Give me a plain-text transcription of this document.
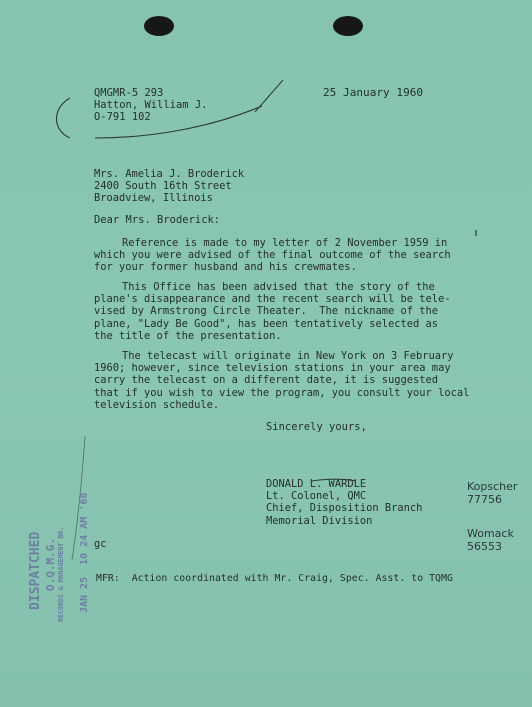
QMGMR-5 293
Hatton, William J.
O-791 102
25 January 1960
Mrs. Amelia J. Broderick
2400 South 16th Street
Broadview, Illinois
Dear Mrs. Broderick:
Reference is made to my letter of 2 November 1959 in
which you were advised of the final outcome of the search
for your former husband and his crewmates.
This Office has been advised that the story of the
plane's disappearance and the recent search will be tele-
vised by Armstrong Circle Theater.  The nickname of the
plane, "Lady Be Good", has been tentatively selected as
the title of the presentation.
The telecast will originate in New York on 3 February
1960; however, since television stations in your area may
carry the telecast on a different date, it is suggested
that if you wish to view the program, you consult your local
television schedule.
Sincerely yours,
DONALD L. WARDLE
Lt. Colonel, QMC
Chief, Disposition Branch
Memorial Division
Kopscher
77756
Womack
56553
gc
MFR:  Action coordinated with Mr. Craig, Spec. Asst. to TQMG
DISPATCHED O.Q.M.G. RECORDS & MANAGEMENT BR. JAN 25  10 24 AM '60
